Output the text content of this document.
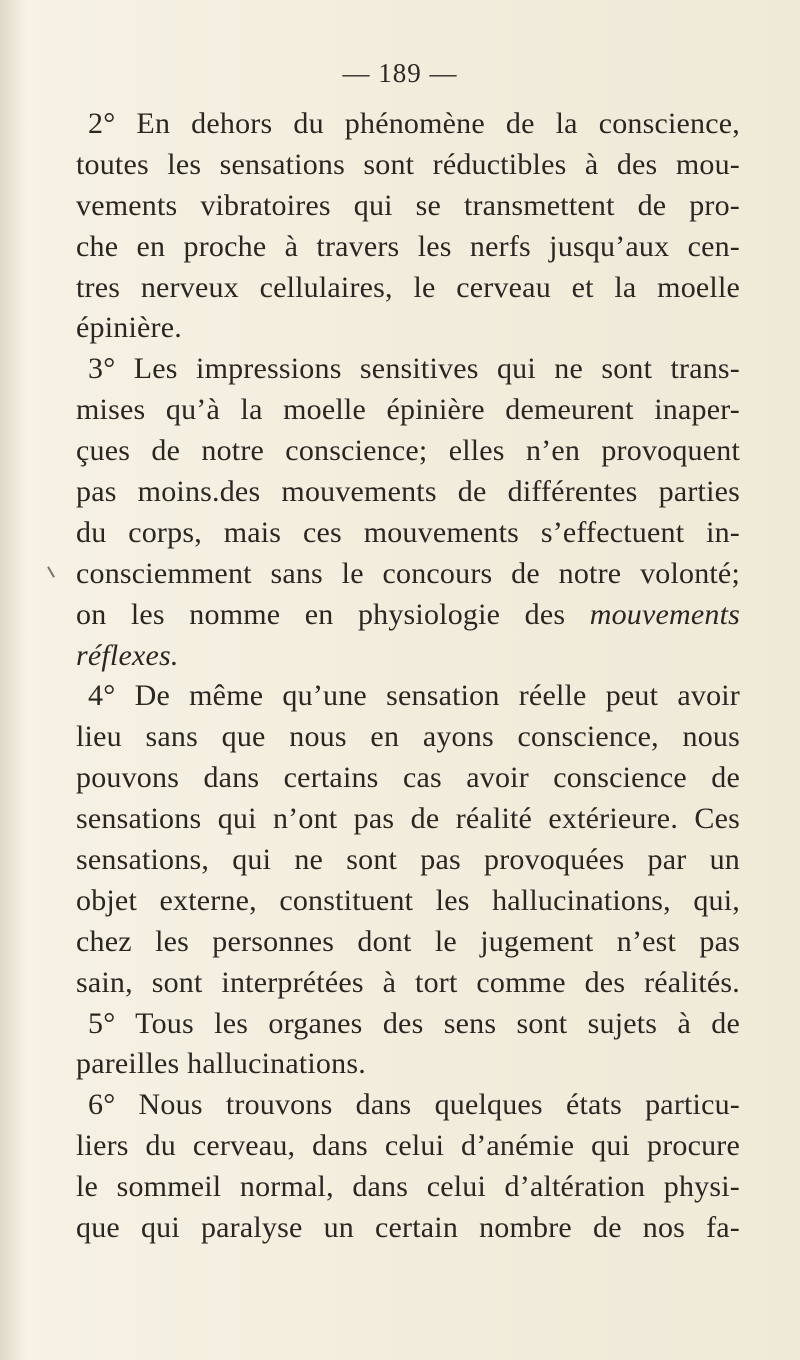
— 189 —
2° En dehors du phénomène de la conscience,
toutes les sensations sont réductibles à des mou-
vements vibratoires qui se transmettent de pro-
che en proche à travers les nerfs jusqu’aux cen-
tres nerveux cellulaires, le cerveau et la moelle
épinière.
3° Les impressions sensitives qui ne sont trans-
mises qu’à la moelle épinière demeurent inaper-
çues de notre conscience; elles n’en provoquent
pas moins.des mouvements de différentes parties
du corps, mais ces mouvements s’effectuent in-
consciemment sans le concours de notre volonté;
on les nomme en physiologie des mouvements
réflexes.
4° De même qu’une sensation réelle peut avoir
lieu sans que nous en ayons conscience, nous
pouvons dans certains cas avoir conscience de
sensations qui n’ont pas de réalité extérieure. Ces
sensations, qui ne sont pas provoquées par un
objet externe, constituent les hallucinations, qui,
chez les personnes dont le jugement n’est pas
sain, sont interprétées à tort comme des réalités.
5° Tous les organes des sens sont sujets à de
pareilles hallucinations.
6° Nous trouvons dans quelques états particu-
liers du cerveau, dans celui d’anémie qui procure
le sommeil normal, dans celui d’altération physi-
que qui paralyse un certain nombre de nos fa-
